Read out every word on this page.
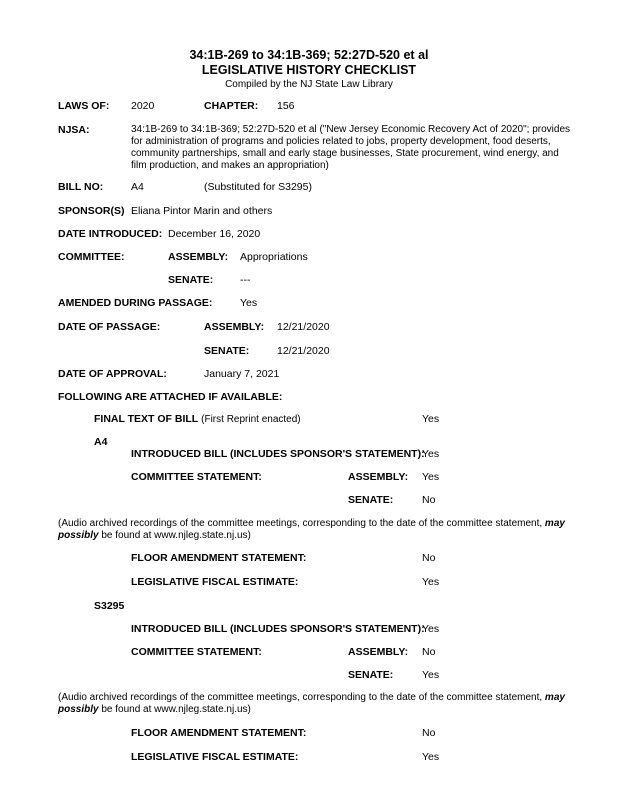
34:1B-269 to 34:1B-369; 52:27D-520 et al
LEGISLATIVE HISTORY CHECKLIST
Compiled by the NJ State Law Library
LAWS OF: 2020	CHAPTER: 156
NJSA:	34:1B-269 to 34:1B-369; 52:27D-520 et al ("New Jersey Economic Recovery Act of 2020"; provides for administration of programs and policies related to jobs, property development, food deserts, community partnerships, small and early stage businesses, State procurement, wind energy, and film production, and makes an appropriation)
BILL NO:	A4	(Substituted for S3295)
SPONSOR(S) Eliana Pintor Marin and others
DATE INTRODUCED: December 16, 2020
COMMITTEE:	ASSEMBLY: Appropriations
SENATE:	---
AMENDED DURING PASSAGE:	Yes
DATE OF PASSAGE:	ASSEMBLY: 12/21/2020
SENATE:	12/21/2020
DATE OF APPROVAL:	January 7, 2021
FOLLOWING ARE ATTACHED IF AVAILABLE:
FINAL TEXT OF BILL (First Reprint enacted)	Yes
A4
INTRODUCED BILL (INCLUDES SPONSOR'S STATEMENT):
Yes
COMMITTEE STATEMENT:	ASSEMBLY: Yes
SENATE:	No
(Audio archived recordings of the committee meetings, corresponding to the date of the committee statement, may possibly be found at www.njleg.state.nj.us)
FLOOR AMENDMENT STATEMENT:	No
LEGISLATIVE FISCAL ESTIMATE:	Yes
S3295
INTRODUCED BILL (INCLUDES SPONSOR'S STATEMENT):
Yes
COMMITTEE STATEMENT:	ASSEMBLY: No
SENATE:	Yes
(Audio archived recordings of the committee meetings, corresponding to the date of the committee statement, may possibly be found at www.njleg.state.nj.us)
FLOOR AMENDMENT STATEMENT:	No
LEGISLATIVE FISCAL ESTIMATE:	Yes
